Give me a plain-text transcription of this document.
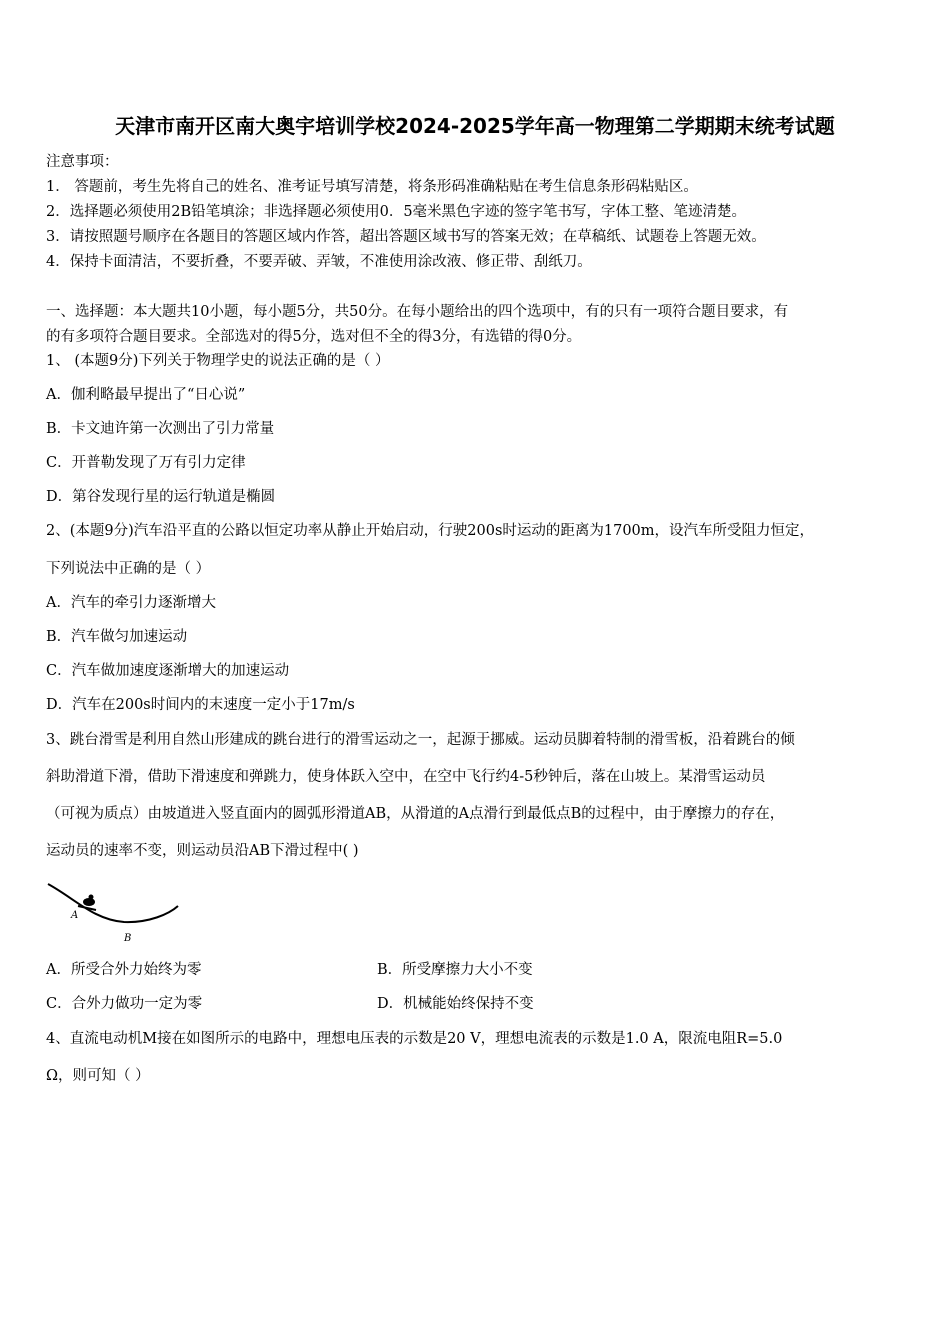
天津市南开区南大奥宇培训学校2024-2025学年高一物理第二学期期末统考试题
注意事项：
1． 答题前，考生先将自己的姓名、准考证号填写清楚，将条形码准确粘贴在考生信息条形码粘贴区。
2．选择题必须使用2B铅笔填涂；非选择题必须使用0．5毫米黑色字迹的签字笔书写，字体工整、笔迹清楚。
3．请按照题号顺序在各题目的答题区域内作答，超出答题区域书写的答案无效；在草稿纸、试题卷上答题无效。
4．保持卡面清洁，不要折叠，不要弄破、弄皱，不准使用涂改液、修正带、刮纸刀。
一、选择题：本大题共10小题，每小题5分，共50分。在每小题给出的四个选项中，有的只有一项符合题目要求，有
的有多项符合题目要求。全部选对的得5分，选对但不全的得3分，有选错的得0分。
1、 (本题9分)下列关于物理学史的说法正确的是（ ）
A．伽利略最早提出了“日心说”
B．卡文迪许第一次测出了引力常量
C．开普勒发现了万有引力定律
D．第谷发现行星的运行轨道是椭圆
2、(本题9分)汽车沿平直的公路以恒定功率从静止开始启动，行驶200s时运动的距离为1700m，设汽车所受阻力恒定，
下列说法中正确的是（ ）
A．汽车的牵引力逐渐增大
B．汽车做匀加速运动
C．汽车做加速度逐渐增大的加速运动
D．汽车在200s时间内的末速度一定小于17m/s
3、跳台滑雪是利用自然山形建成的跳台进行的滑雪运动之一，起源于挪威。运动员脚着特制的滑雪板，沿着跳台的倾
斜助滑道下滑，借助下滑速度和弹跳力，使身体跃入空中，在空中飞行约4-5秒钟后，落在山坡上。某滑雪运动员
（可视为质点）由坡道进入竖直面内的圆弧形滑道AB，从滑道的A点滑行到最低点B的过程中，由于摩擦力的存在，
运动员的速率不变，则运动员沿AB下滑过程中( )
A
B
A．所受合外力始终为零	B．所受摩擦力大小不变
C．合外力做功一定为零	D．机械能始终保持不变
4、直流电动机M接在如图所示的电路中，理想电压表的示数是20 V，理想电流表的示数是1.0 A，限流电阻R=5.0
Ω，则可知（ ）
